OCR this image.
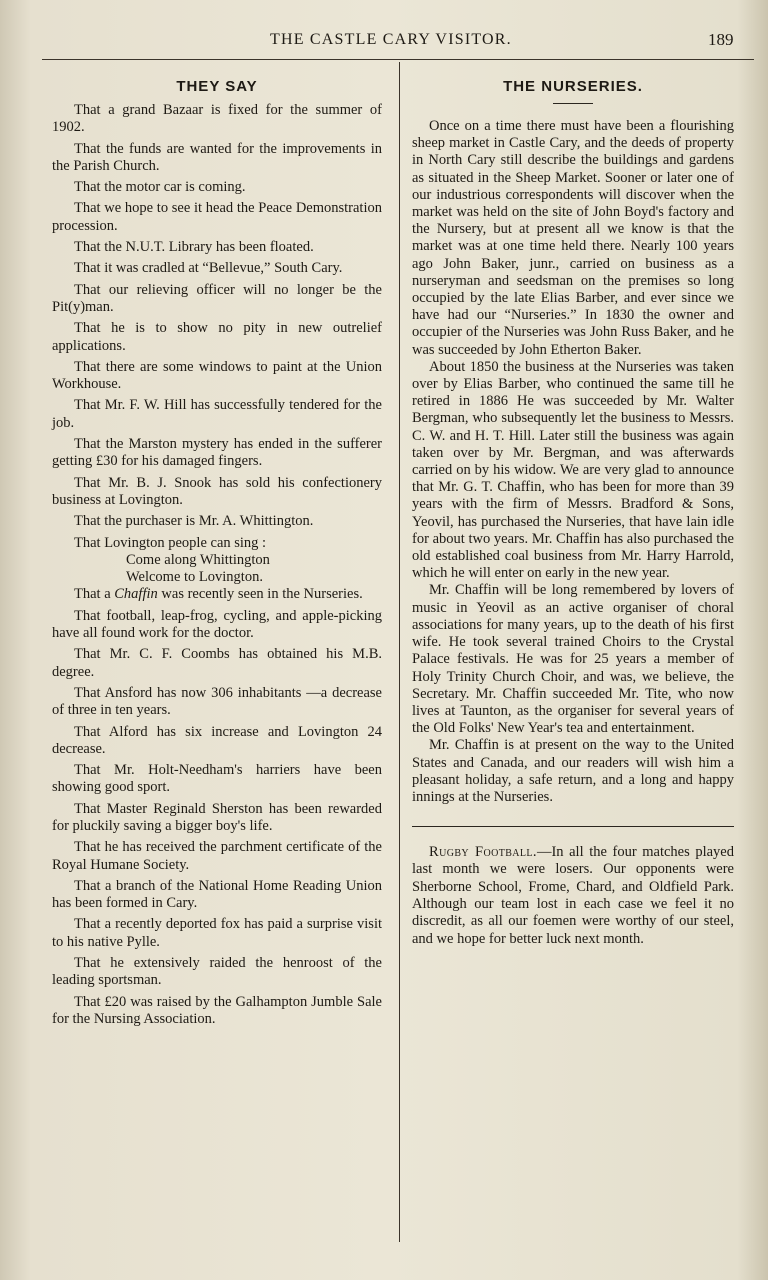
THE CASTLE CARY VISITOR.	189
THEY SAY

That a grand Bazaar is fixed for the summer of 1902.

That the funds are wanted for the improvements in the Parish Church.

That the motor car is coming.

That we hope to see it head the Peace Demonstration procession.

That the N.U.T. Library has been floated.

That it was cradled at “Bellevue,” South Cary.

That our relieving officer will no longer be the Pit(y)man.

That he is to show no pity in new outrelief applications.

That there are some windows to paint at the Union Workhouse.

That Mr. F. W. Hill has successfully tendered for the job.

That the Marston mystery has ended in the sufferer getting £30 for his damaged fingers.

That Mr. B. J. Snook has sold his confectionery business at Lovington.

That the purchaser is Mr. A. Whittington.

That Lovington people can sing :

Come along Whittington
Welcome to Lovington.

That a Chaffin was recently seen in the Nurseries.

That football, leap-frog, cycling, and apple-picking have all found work for the doctor.

That Mr. C. F. Coombs has obtained his M.B. degree.

That Ansford has now 306 inhabitants —a decrease of three in ten years.

That Alford has six increase and Lovington 24 decrease.

That Mr. Holt-Needham's harriers have been showing good sport.

That Master Reginald Sherston has been rewarded for pluckily saving a bigger boy's life.

That he has received the parchment certificate of the Royal Humane Society.

That a branch of the National Home Reading Union has been formed in Cary.

That a recently deported fox has paid a surprise visit to his native Pylle.

That he extensively raided the henroost of the leading sportsman.

That £20 was raised by the Galhampton Jumble Sale for the Nursing Association.

THE NURSERIES.

Once on a time there must have been a flourishing sheep market in Castle Cary, and the deeds of property in North Cary still describe the buildings and gardens as situated in the Sheep Market. Sooner or later one of our industrious correspondents will discover when the market was held on the site of John Boyd's factory and the Nursery, but at present all we know is that the market was at one time held there. Nearly 100 years ago John Baker, junr., carried on business as a nurseryman and seedsman on the premises so long occupied by the late Elias Barber, and ever since we have had our “Nurseries.” In 1830 the owner and occupier of the Nurseries was John Russ Baker, and he was succeeded by John Etherton Baker.

About 1850 the business at the Nurseries was taken over by Elias Barber, who continued the same till he retired in 1886 He was succeeded by Mr. Walter Bergman, who subsequently let the business to Messrs. C. W. and H. T. Hill. Later still the business was again taken over by Mr. Bergman, and was afterwards carried on by his widow. We are very glad to announce that Mr. G. T. Chaffin, who has been for more than 39 years with the firm of Messrs. Bradford & Sons, Yeovil, has purchased the Nurseries, that have lain idle for about two years. Mr. Chaffin has also purchased the old established coal business from Mr. Harry Harrold, which he will enter on early in the new year.

Mr. Chaffin will be long remembered by lovers of music in Yeovil as an active organiser of choral associations for many years, up to the death of his first wife. He took several trained Choirs to the Crystal Palace festivals. He was for 25 years a member of Holy Trinity Church Choir, and was, we believe, the Secretary. Mr. Chaffin succeeded Mr. Tite, who now lives at Taunton, as the organiser for several years of the Old Folks' New Year's tea and entertainment.

Mr. Chaffin is at present on the way to the United States and Canada, and our readers will wish him a pleasant holiday, a safe return, and a long and happy innings at the Nurseries.

Rugby Football.—In all the four matches played last month we were losers. Our opponents were Sherborne School, Frome, Chard, and Oldfield Park. Although our team lost in each case we feel it no discredit, as all our foemen were worthy of our steel, and we hope for better luck next month.
